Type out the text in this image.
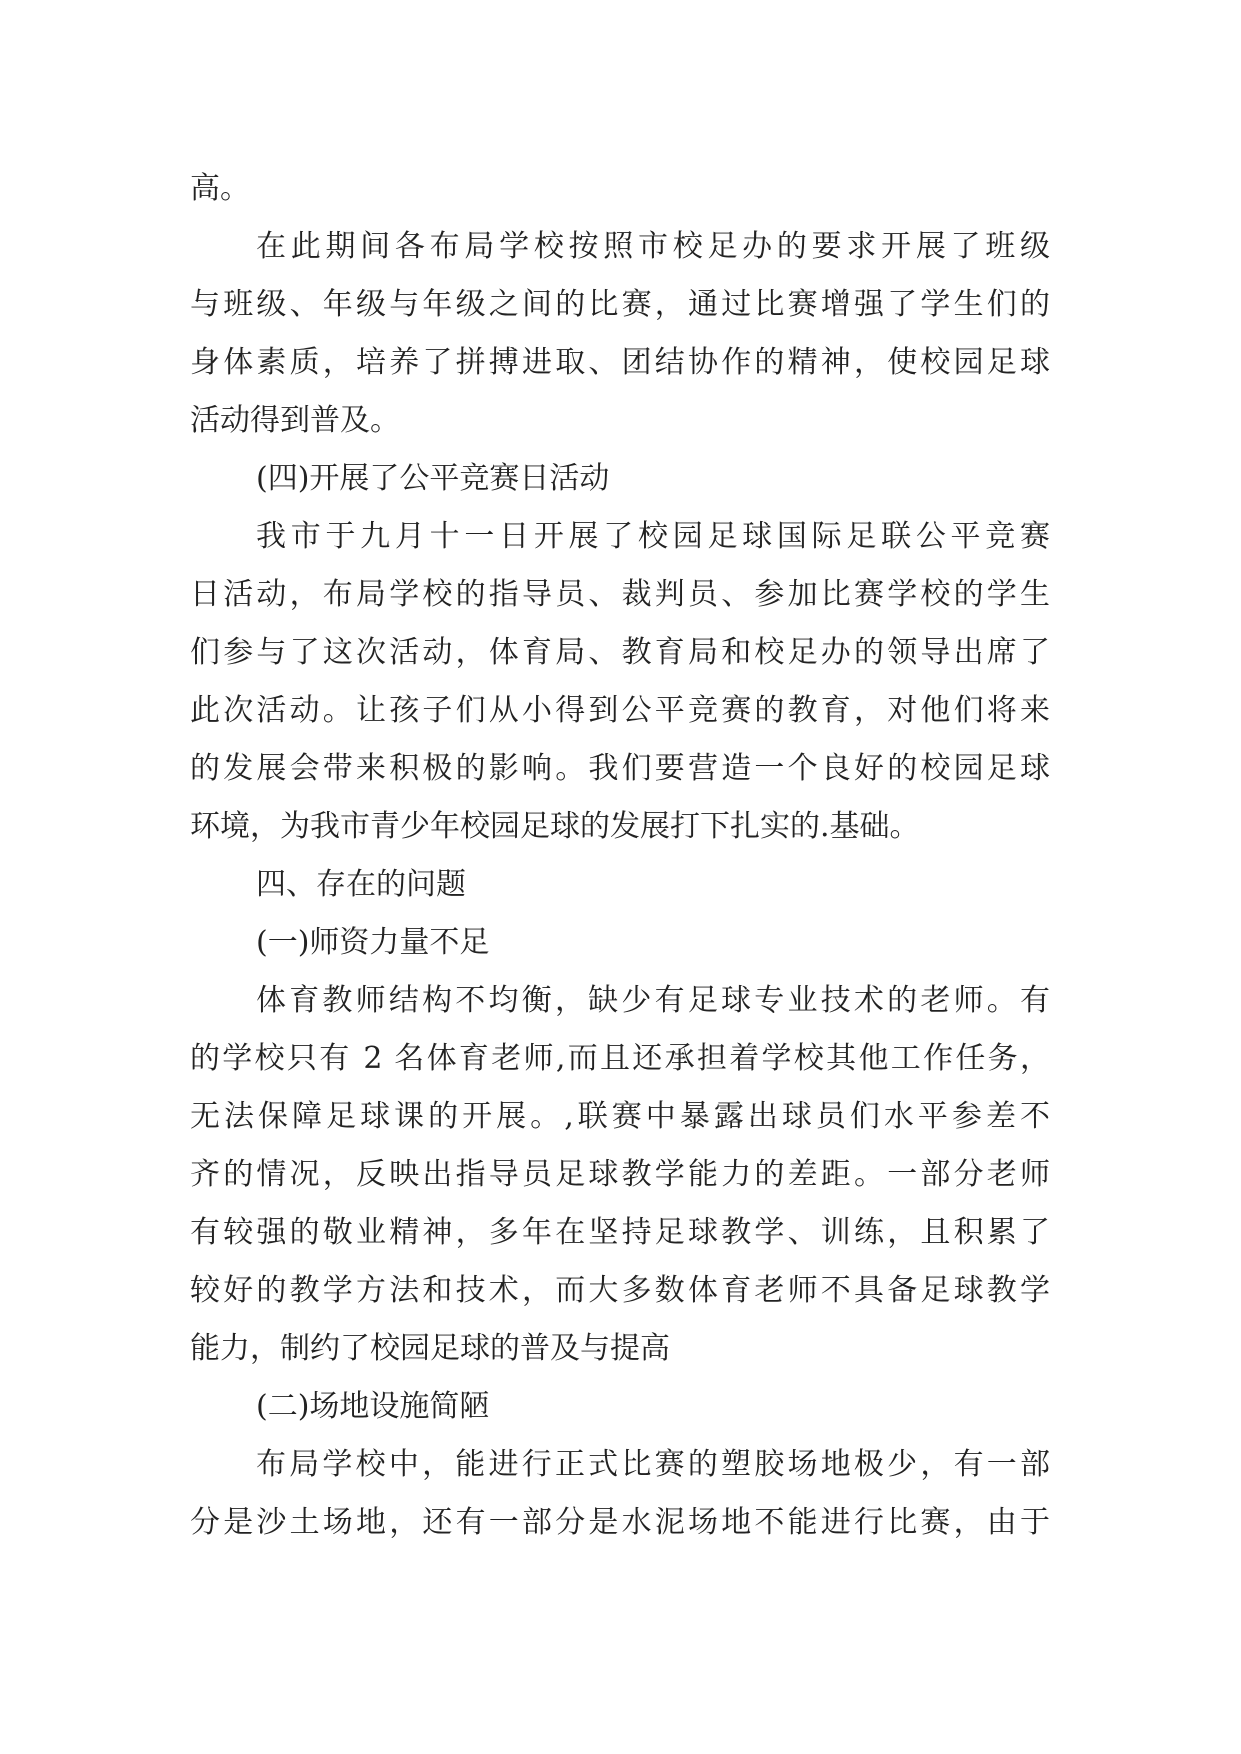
高。
在此期间各布局学校按照市校足办的要求开展了班级
与班级、年级与年级之间的比赛，通过比赛增强了学生们的
身体素质，培养了拼搏进取、团结协作的精神，使校园足球
活动得到普及。
(四)开展了公平竞赛日活动
我市于九月十一日开展了校园足球国际足联公平竞赛
日活动，布局学校的指导员、裁判员、参加比赛学校的学生
们参与了这次活动，体育局、教育局和校足办的领导出席了
此次活动。让孩子们从小得到公平竞赛的教育，对他们将来
的发展会带来积极的影响。我们要营造一个良好的校园足球
环境，为我市青少年校园足球的发展打下扎实的.基础。
四、存在的问题
(一)师资力量不足
体育教师结构不均衡，缺少有足球专业技术的老师。有
的学校只有 2 名体育老师,而且还承担着学校其他工作任务，
无法保障足球课的开展。,联赛中暴露出球员们水平参差不
齐的情况，反映出指导员足球教学能力的差距。一部分老师
有较强的敬业精神，多年在坚持足球教学、训练，且积累了
较好的教学方法和技术，而大多数体育老师不具备足球教学
能力，制约了校园足球的普及与提高
(二)场地设施简陋
布局学校中，能进行正式比赛的塑胶场地极少，有一部
分是沙土场地，还有一部分是水泥场地不能进行比赛，由于
